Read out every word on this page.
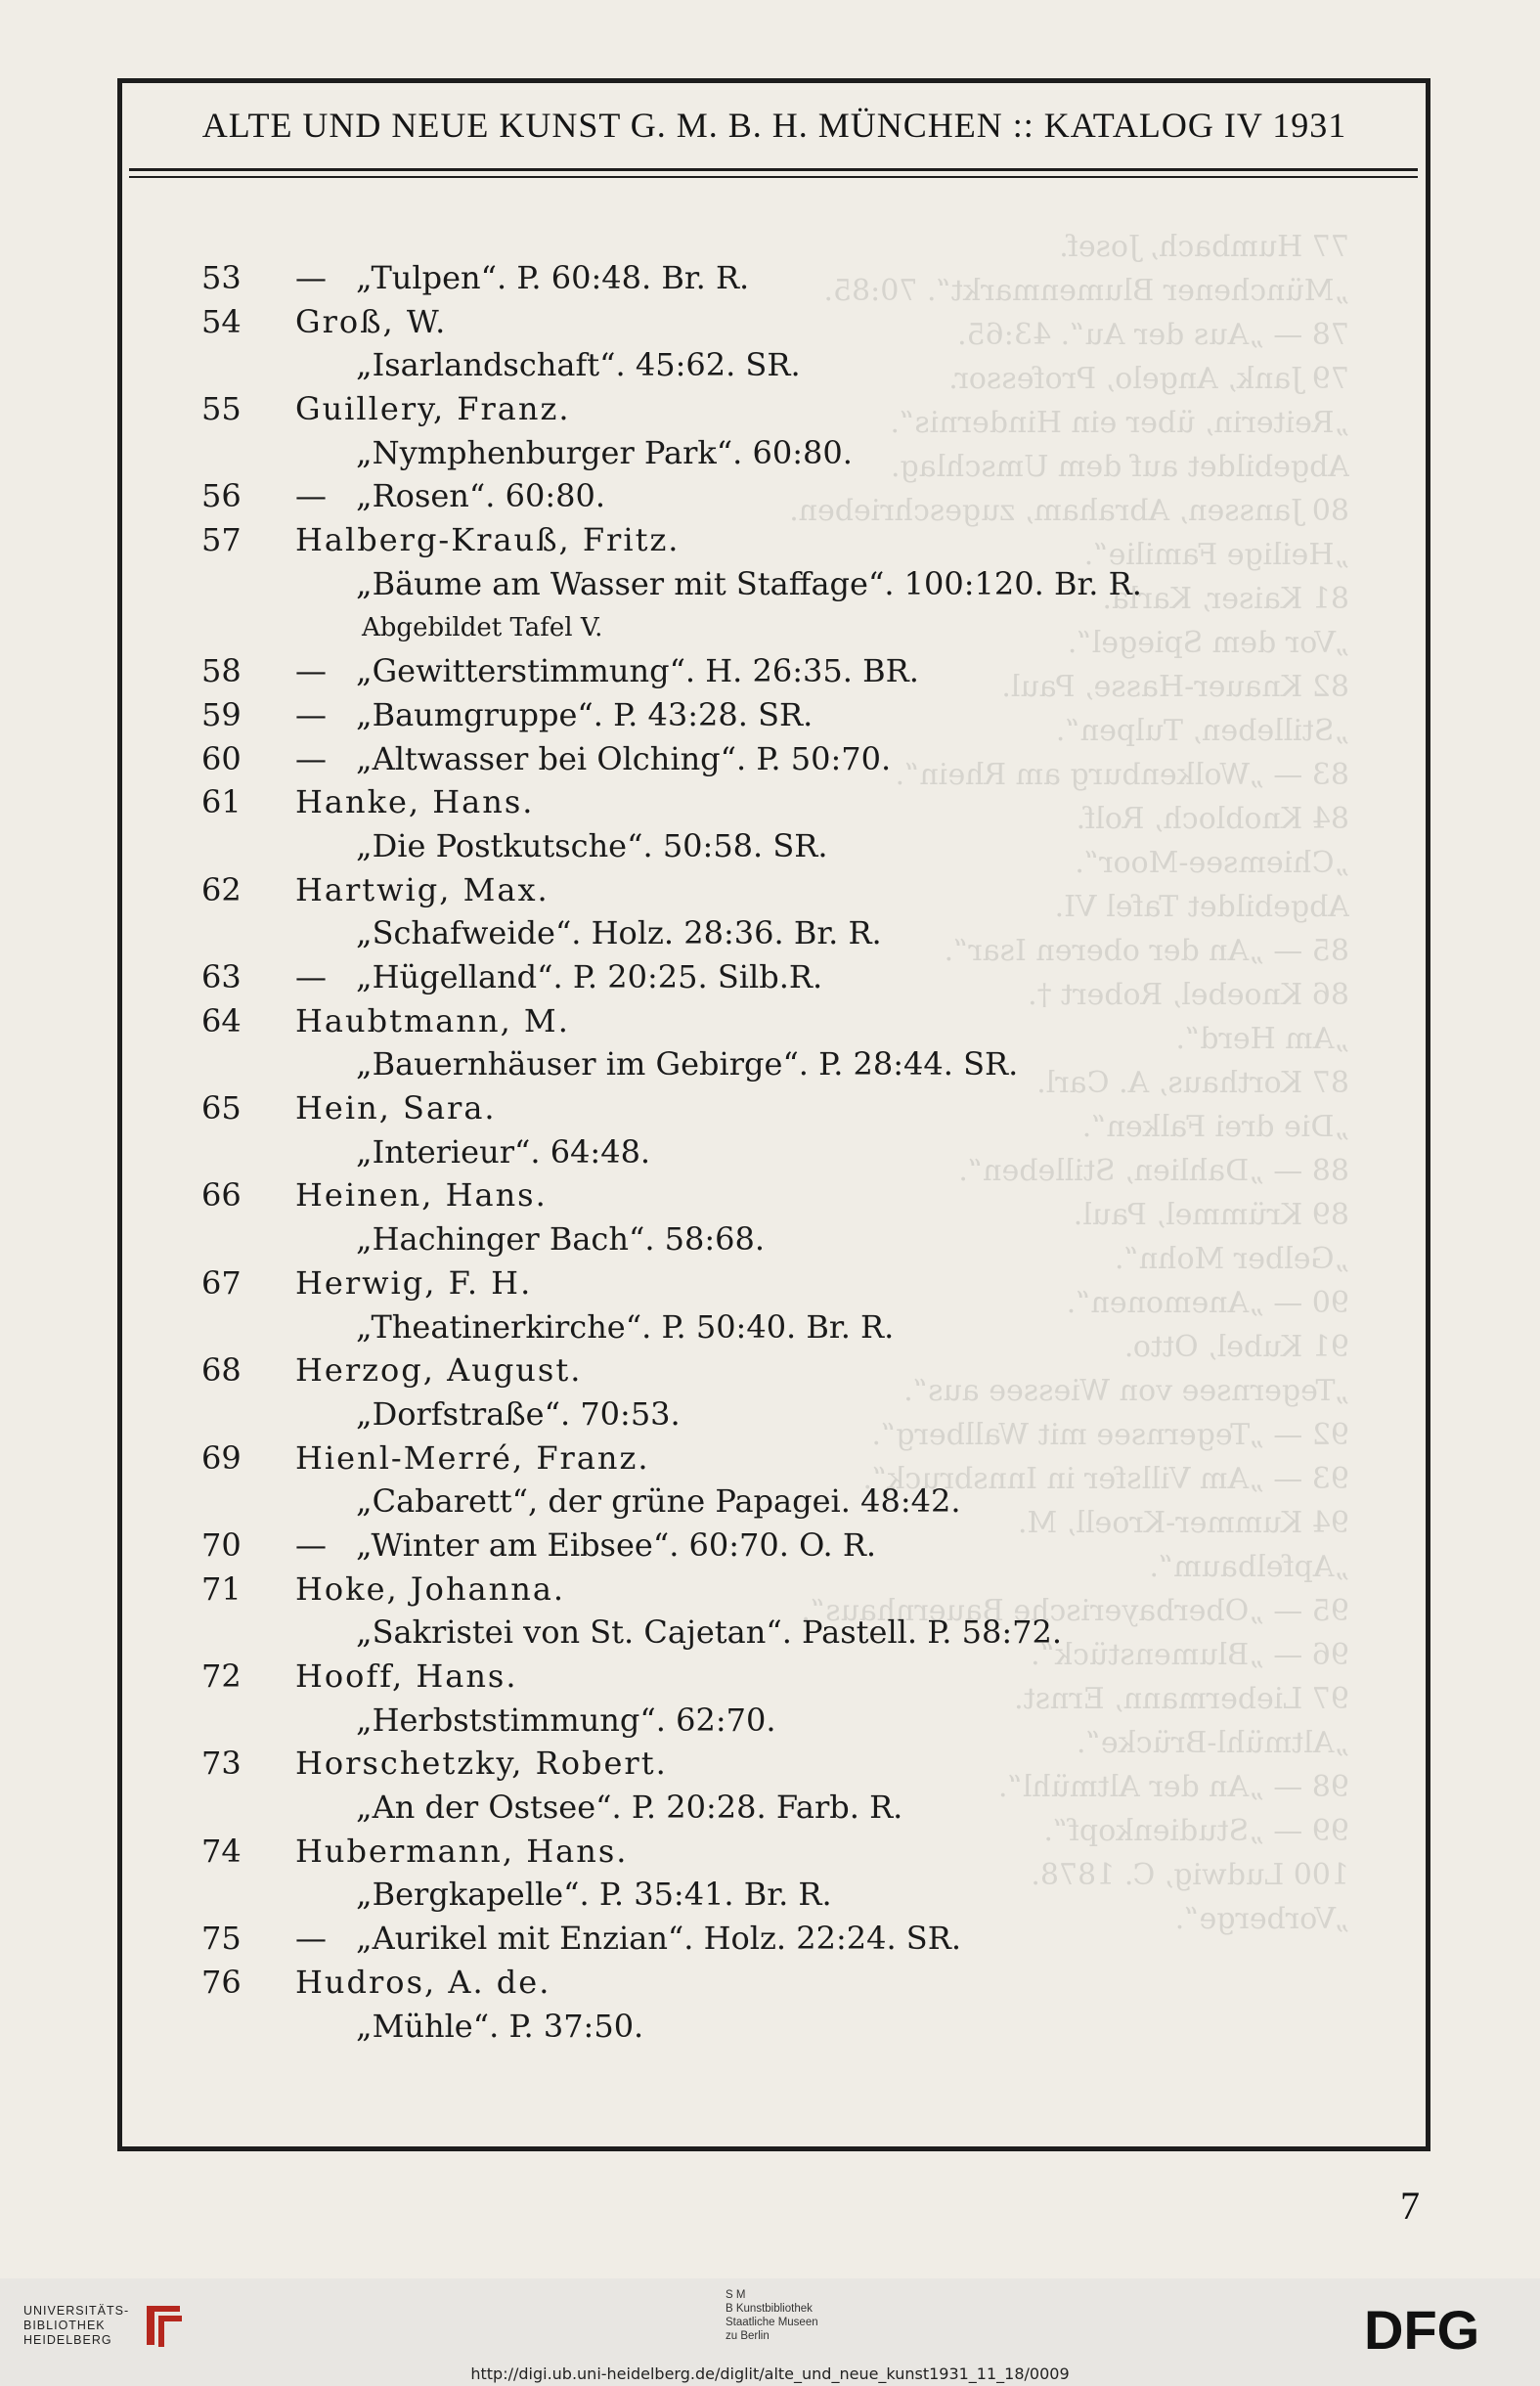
77 Humbach, Josef.
„Münchener Blumenmarkt“. 70:85.
78 — „Aus der Au“. 43:65.
79 Jank, Angelo, Professor.
„Reiterin, über ein Hindernis“.
Abgebildet auf dem Umschlag.
80 Janssen, Abraham, zugeschrieben.
„Heilige Familie“.
81 Kaiser, Karla.
„Vor dem Spiegel“.
82 Knauer-Hasse, Paul.
„Stilleben, Tulpen“.
83 — „Wolkenburg am Rhein“.
84 Knobloch, Rolf.
„Chiemsee-Moor“.
Abgebildet Tafel VI.
85 — „An der oberen Isar“.
86 Knoebel, Robert †.
„Am Herd“.
87 Korthaus, A. Carl.
„Die drei Falken“.
88 — „Dahlien, Stilleben“.
89 Krümmel, Paul.
„Gelber Mohn“.
90 — „Anemonen“.
91 Kubel, Otto.
„Tegernsee von Wiessee aus“.
92 — „Tegernsee mit Wallberg“.
93 — „Am Villsfer in Innsbruck“.
94 Kummer-Kroell, M.
„Apfelbaum“.
95 — „Oberbayerische Bauernhaus“.
96 — „Blumenstück“.
97 Liebermann, Ernst.
„Altmühl-Brücke“.
98 — „An der Altmühl“.
99 — „Studienkopf“.
100 Ludwig, C. 1878.
„Vorberge“.
ALTE UND NEUE KUNST G. M. B. H. MÜNCHEN :: KATALOG IV 1931
53	— „Tulpen“. P. 60:48. Br. R.
54	Groß, W.
„Isarlandschaft“. 45:62. SR.
55	Guillery, Franz.
„Nymphenburger Park“. 60:80.
56	— „Rosen“. 60:80.
57	Halberg-Krauß, Fritz.
„Bäume am Wasser mit Staffage“. 100:120. Br. R.
Abgebildet Tafel V.
58	— „Gewitterstimmung“. H. 26:35. BR.
59	— „Baumgruppe“. P. 43:28. SR.
60	— „Altwasser bei Olching“. P. 50:70.
61	Hanke, Hans.
„Die Postkutsche“. 50:58. SR.
62	Hartwig, Max.
„Schafweide“. Holz. 28:36. Br. R.
63	— „Hügelland“. P. 20:25. Silb.R.
64	Haubtmann, M.
„Bauernhäuser im Gebirge“. P. 28:44. SR.
65	Hein, Sara.
„Interieur“. 64:48.
66	Heinen, Hans.
„Hachinger Bach“. 58:68.
67	Herwig, F. H.
„Theatinerkirche“. P. 50:40. Br. R.
68	Herzog, August.
„Dorfstraße“. 70:53.
69	Hienl-Merré, Franz.
„Cabarett“, der grüne Papagei. 48:42.
70	— „Winter am Eibsee“. 60:70. O. R.
71	Hoke, Johanna.
„Sakristei von St. Cajetan“. Pastell. P. 58:72.
72	Hooff, Hans.
„Herbststimmung“. 62:70.
73	Horschetzky, Robert.
„An der Ostsee“. P. 20:28. Farb. R.
74	Hubermann, Hans.
„Bergkapelle“. P. 35:41. Br. R.
75	— „Aurikel mit Enzian“. Holz. 22:24. SR.
76	Hudros, A. de.
„Mühle“. P. 37:50.
7
UNIVERSITÄTS-
BIBLIOTHEK
HEIDELBERG
S M
B Kunstbibliothek
Staatliche Museen
zu Berlin	DFG
http://digi.ub.uni-heidelberg.de/diglit/alte_und_neue_kunst1931_11_18/0009
